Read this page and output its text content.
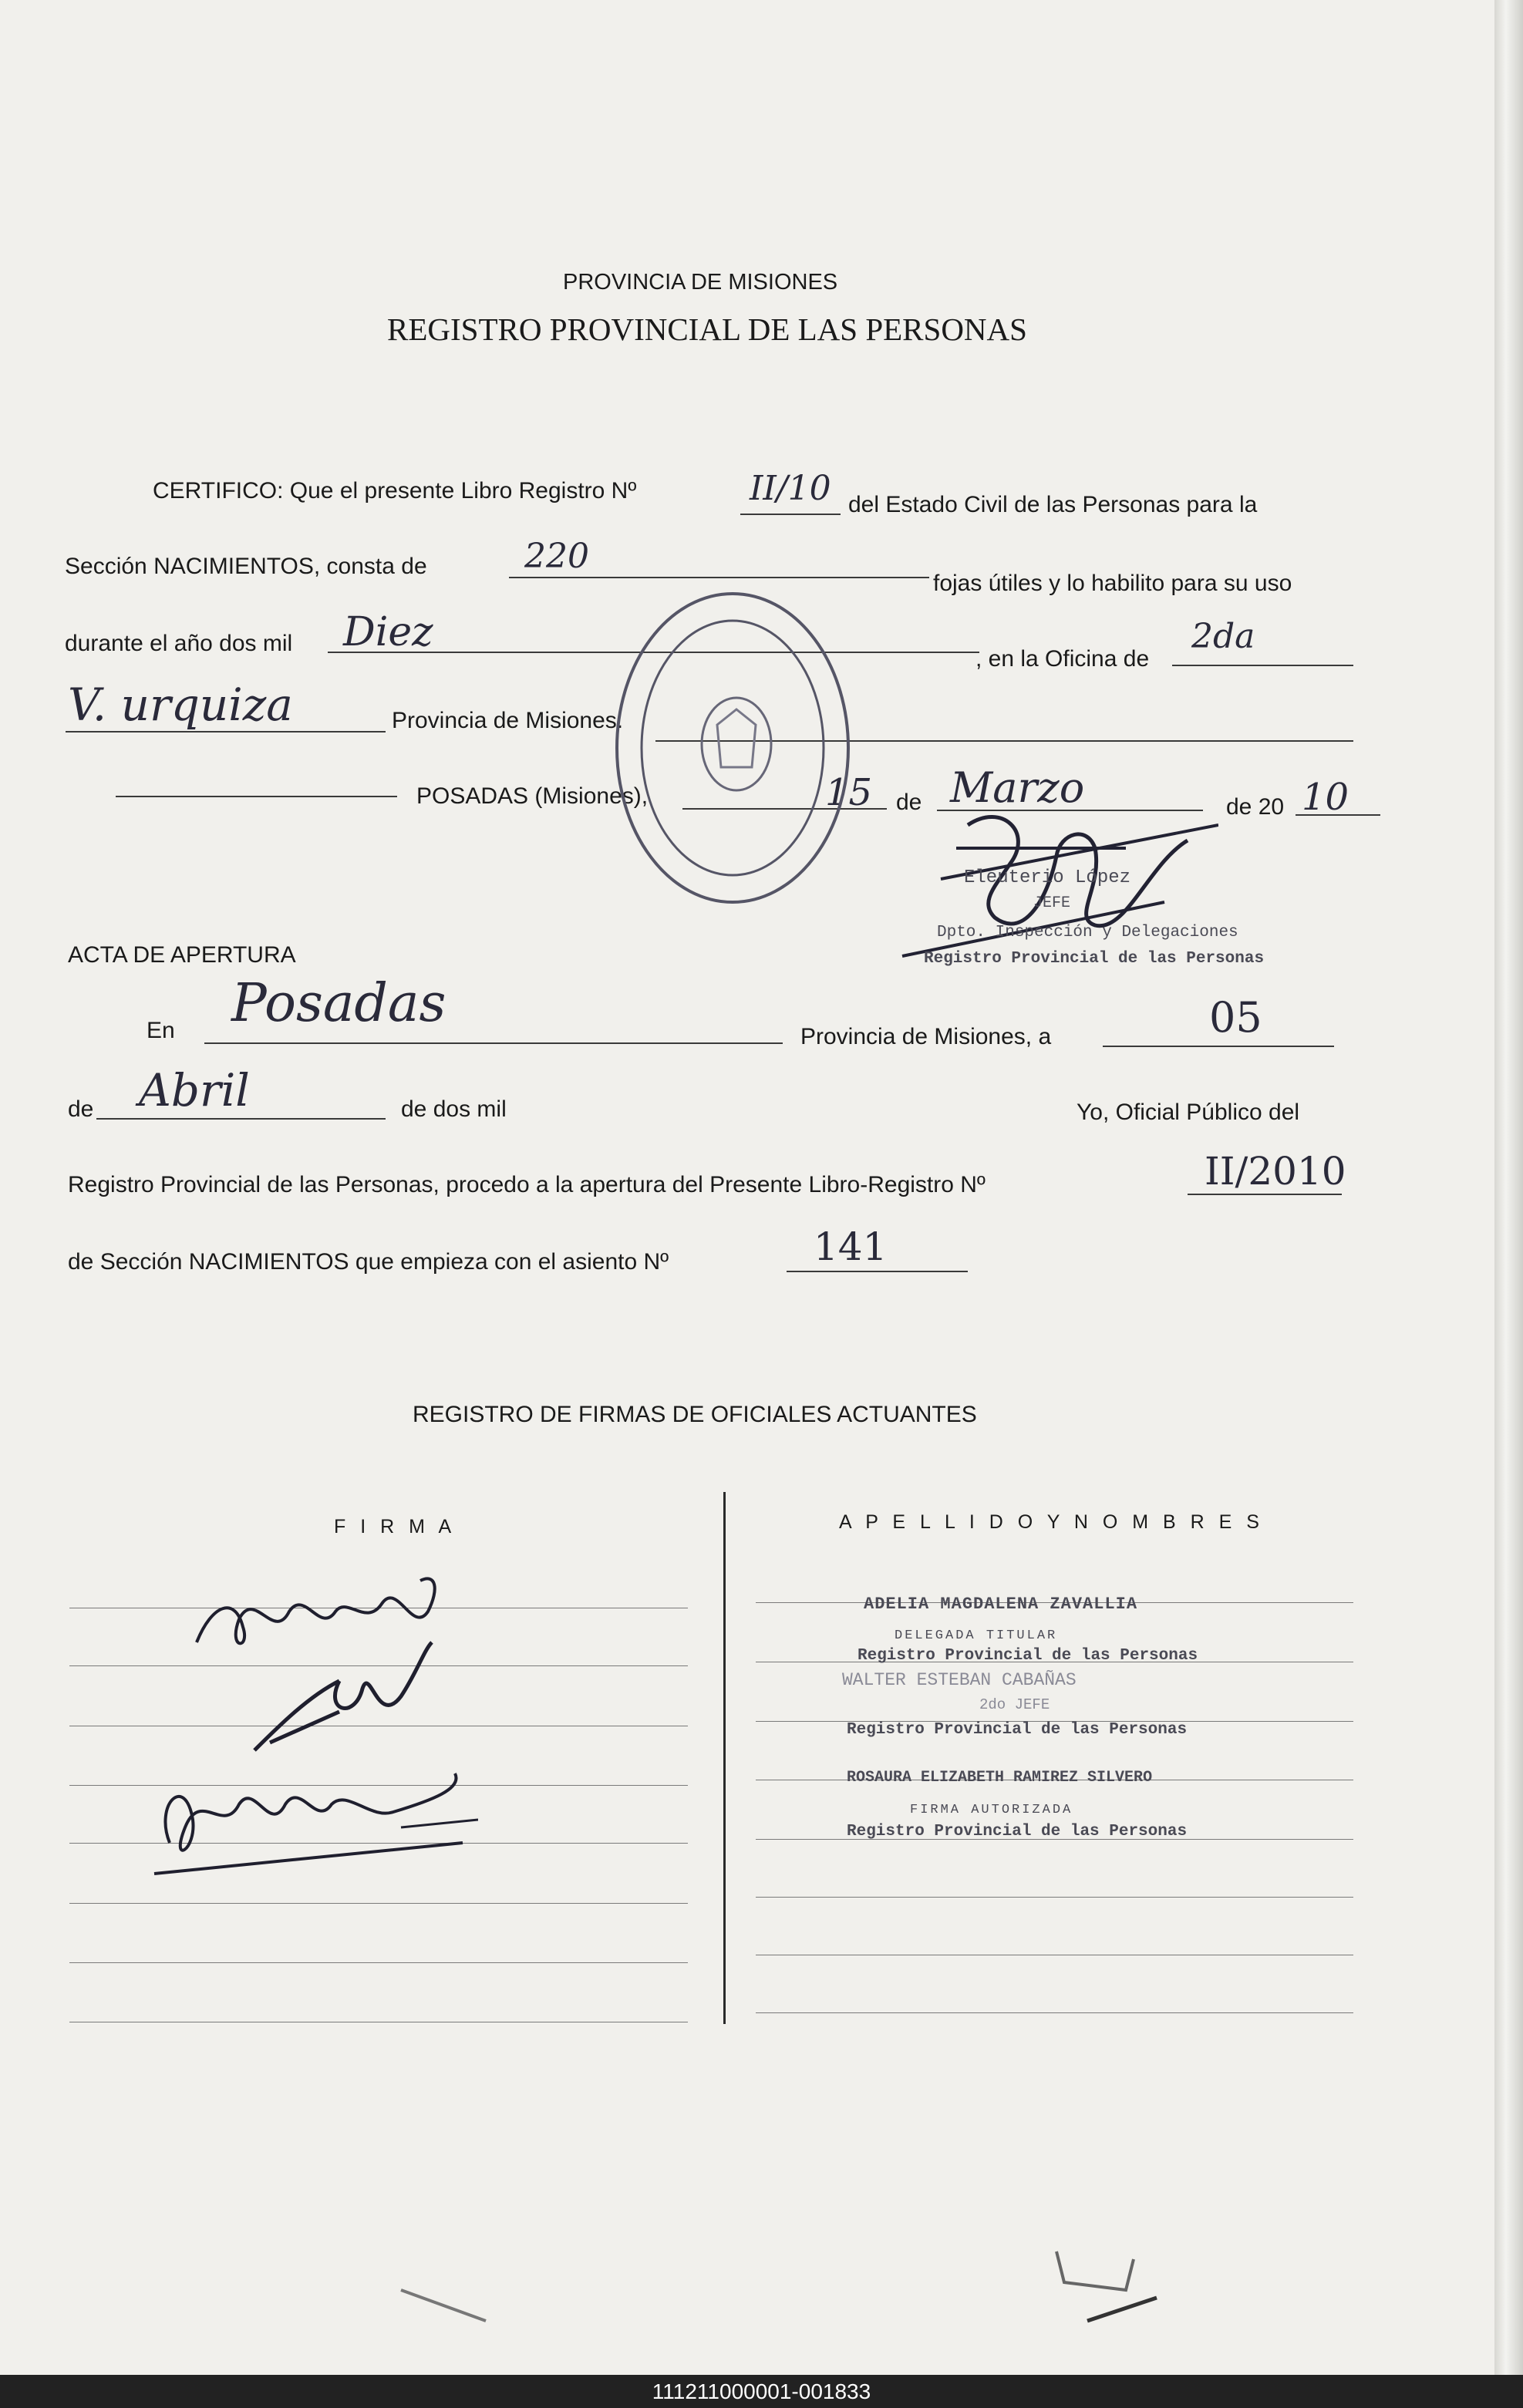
PROVINCIA DE MISIONES
REGISTRO PROVINCIAL DE LAS PERSONAS
CERTIFICO: Que el presente Libro Registro Nº	II/10 del Estado Civil de las Personas para la
Sección NACIMIENTOS, consta de	220
fojas útiles y lo habilito para su uso
durante el año dos mil Diez
, en la Oficina de
2da
V. urquiza	Provincia de Misiones.
POSADAS (Misiones),	15 de Marzo	de 20 10
Eleuterio López
JEFE
Dpto. Inspección y Delegaciones
Registro Provincial de las Personas
ACTA DE APERTURA
En Posadas
Provincia de Misiones, a	05
de Abril	de dos mil	Yo, Oficial Público del
Registro Provincial de las Personas, procedo a la apertura del Presente Libro-Registro Nº	II/2010
de Sección NACIMIENTOS que empieza con el asiento Nº	141
REGISTRO DE FIRMAS DE OFICIALES ACTUANTES
F I R M A	A P E L L I D O Y N O M B R E S
ADELIA MAGDALENA ZAVALLIA
DELEGADA TITULAR
Registro Provincial de las Personas
WALTER ESTEBAN CABAÑAS
2do JEFE
Registro Provincial de las Personas
ROSAURA ELIZABETH RAMIREZ SILVERO
FIRMA AUTORIZADA
Registro Provincial de las Personas
111211000001-001833
